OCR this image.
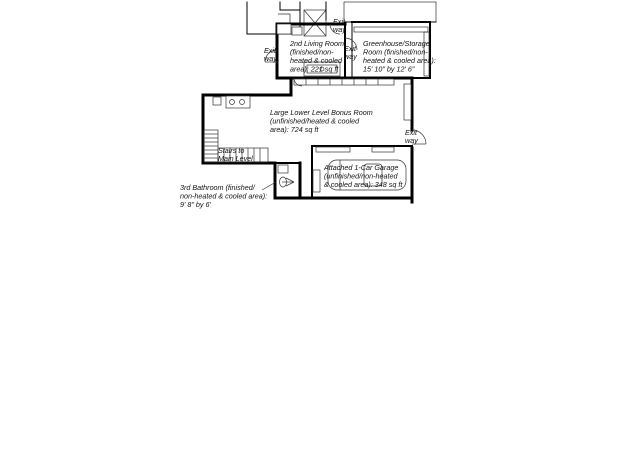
2nd Living Room (finished/non-heated & cooled area): 221 sq ft
Greenhouse/Storage Room (finished/non-heated & cooled area): 15' 10" by 12' 6"
Large Lower Level Bonus Room (unfinished/heated & cooled area): 724 sq ft
Attached 1-Car Garage (unfinished/non-heated & cooled area): 348 sq ft
3rd Bathroom (finished/ non-heated & cooled area): 9' 8" by 6'
Stairs to Main Level
Exit way
Exit way
Exit way
Exit way
